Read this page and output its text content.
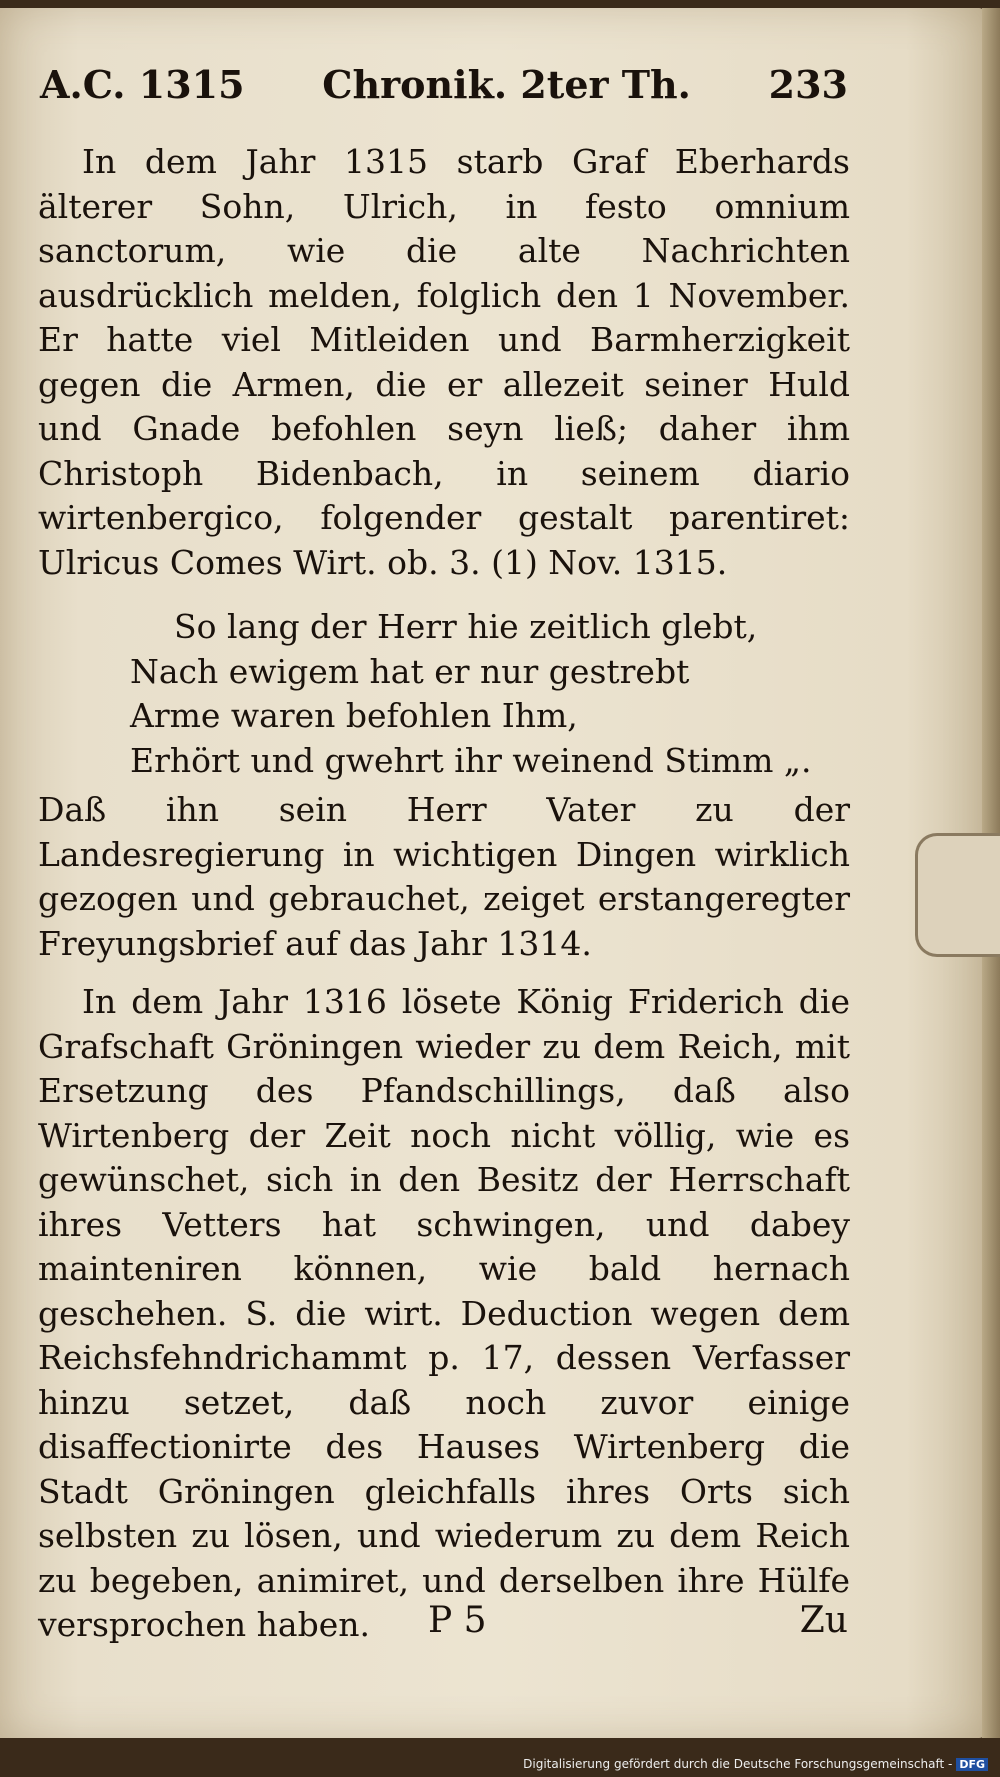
A.C. 1315 Chronik. 2ter Th. 233
In dem Jahr 1315 starb Graf Eberhards älterer Sohn, Ulrich, in festo omnium sanctorum, wie die alte Nachrichten ausdrücklich melden, folglich den 1 November. Er hatte viel Mitleiden und Barmherzigkeit gegen die Armen, die er allezeit seiner Huld und Gnade befohlen seyn ließ; daher ihm Christoph Bidenbach, in seinem diario wirtenbergico, folgender gestalt parentiret: Ulricus Comes Wirt. ob. 3. (1) Nov. 1315.
So lang der Herr hie zeitlich glebt,
Nach ewigem hat er nur gestrebt
Arme waren befohlen Ihm,
Erhört und gwehrt ihr weinend Stimm „.
Daß ihn sein Herr Vater zu der Landesregierung in wichtigen Dingen wirklich gezogen und gebrauchet, zeiget erstangeregter Freyungsbrief auf das Jahr 1314.
In dem Jahr 1316 lösete König Friderich die Grafschaft Gröningen wieder zu dem Reich, mit Ersetzung des Pfandschillings, daß also Wirtenberg der Zeit noch nicht völlig, wie es gewünschet, sich in den Besitz der Herrschaft ihres Vetters hat schwingen, und dabey mainteniren können, wie bald hernach geschehen. S. die wirt. Deduction wegen dem Reichsfehndrichammt p. 17, dessen Verfasser hinzu setzet, daß noch zuvor einige disaffectionirte des Hauses Wirtenberg die Stadt Gröningen gleichfalls ihres Orts sich selbsten zu lösen, und wiederum zu dem Reich zu begeben, animiret, und derselben ihre Hülfe versprochen haben.	P 5	Zu
Digitalisierung gefördert durch die Deutsche Forschungsgemeinschaft - DFG
